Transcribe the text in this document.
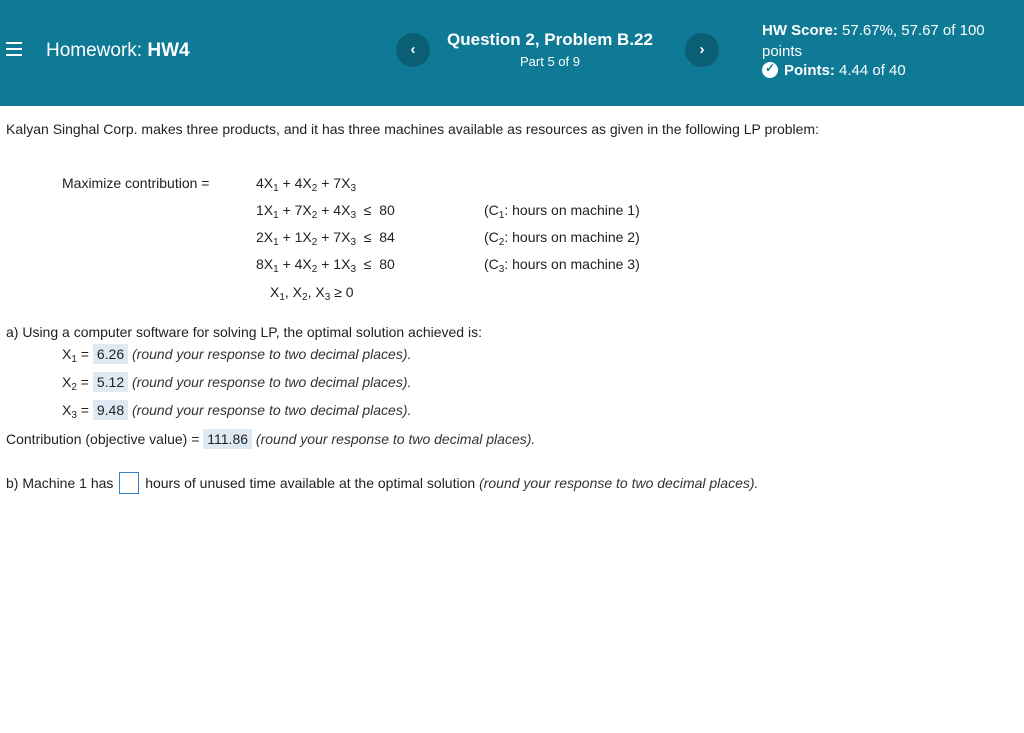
Homework: HW4	‹
Question 2, Problem B.22
Part 5 of 9
›
HW Score: 57.67%, 57.67 of 100 points
✓Points: 4.44 of 40
Kalyan Singhal Corp. makes three products, and it has three machines available as resources as given in the following LP problem:
Maximize contribution =	$4X_1 + 4X_2 + 7X_3$
$1X_1 + 7X_2 + 4X_3 \le 80$	($C_1$: hours on machine 1)
$2X_1 + 1X_2 + 7X_3 \le 84$	($C_2$: hours on machine 2)
$8X_1 + 4X_2 + 1X_3 \le 80$	($C_3$: hours on machine 3)
$X_1$, $X_2$, $X_3 \ge 0$
a) Using a computer software for solving LP, the optimal solution achieved is:
$X_1 = 6.26$ (round your response to two decimal places).
$X_2 = 5.12$ (round your response to two decimal places).
$X_3 = 9.48$ (round your response to two decimal places).
Contribution (objective value) = 111.86 (round your response to two decimal places).
b) Machine 1 has hours of unused time available at the optimal solution (round your response to two decimal places).
